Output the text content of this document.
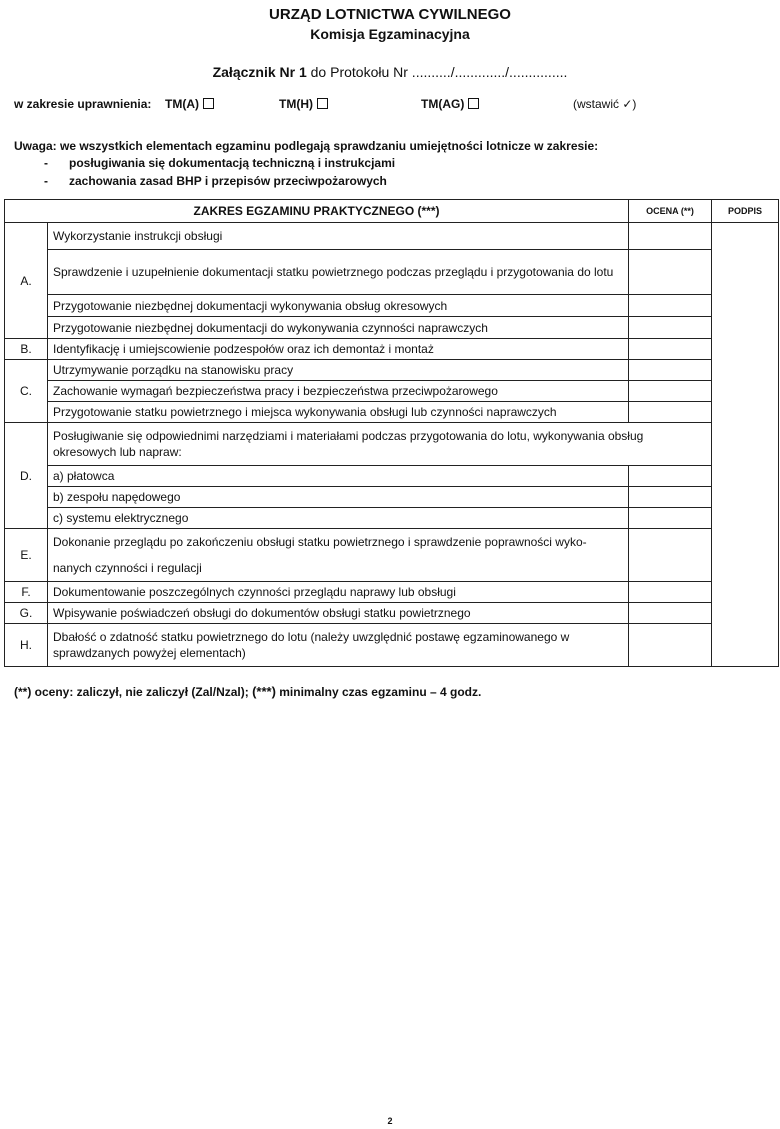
URZĄD LOTNICTWA CYWILNEGO
Komisja Egzaminacyjna
Załącznik Nr 1 do Protokołu Nr ........../............./...............
w zakresie uprawnienia: TM(A)	TM(H)	TM(AG)	(wstawić ✓)
Uwaga: we wszystkich elementach egzaminu podlegają sprawdzaniu umiejętności lotnicze w zakresie:
- posługiwania się dokumentacją techniczną i instrukcjami
- zachowania zasad BHP i przepisów przeciwpożarowych
ZAKRES EGZAMINU PRAKTYCZNEGO (***)		OCENA (**)	PODPIS
A.	Wykorzystanie instrukcji obsługi		
	Sprawdzenie i uzupełnienie dokumentacji statku powietrznego podczas przeglądu i przygotowania do lotu		
	Przygotowanie niezbędnej dokumentacji wykonywania obsług okresowych		
	Przygotowanie niezbędnej dokumentacji do wykonywania czynności naprawczych		
B.	Identyfikację i umiejscowienie podzespołów oraz ich demontaż i montaż		
C.	Utrzymywanie porządku na stanowisku pracy		
	Zachowanie wymagań bezpieczeństwa pracy i bezpieczeństwa przeciwpożarowego		
	Przygotowanie statku powietrznego i miejsca wykonywania obsługi lub czynności naprawczych		
D.	Posługiwanie się odpowiednimi narzędziami i materiałami podczas przygotowania do lotu, wykonywania obsług okresowych lub napraw:		
	a) płatowca		
	b) zespołu napędowego		
	c) systemu elektrycznego		
E.	Dokonanie przeglądu po zakończeniu obsługi statku powietrznego i sprawdzenie poprawności wyko-nanych czynności i regulacji		
F.	Dokumentowanie poszczególnych czynności przeglądu naprawy lub obsługi		
G.	Wpisywanie poświadczeń obsługi do dokumentów obsługi statku powietrznego		
H.	Dbałość o zdatność statku powietrznego do lotu (należy uwzględnić postawę egzaminowanego w sprawdzanych powyżej elementach)		
(**) oceny: zaliczył, nie zaliczył (Zal/Nzal); (***) minimalny czas egzaminu – 4 godz.
2
